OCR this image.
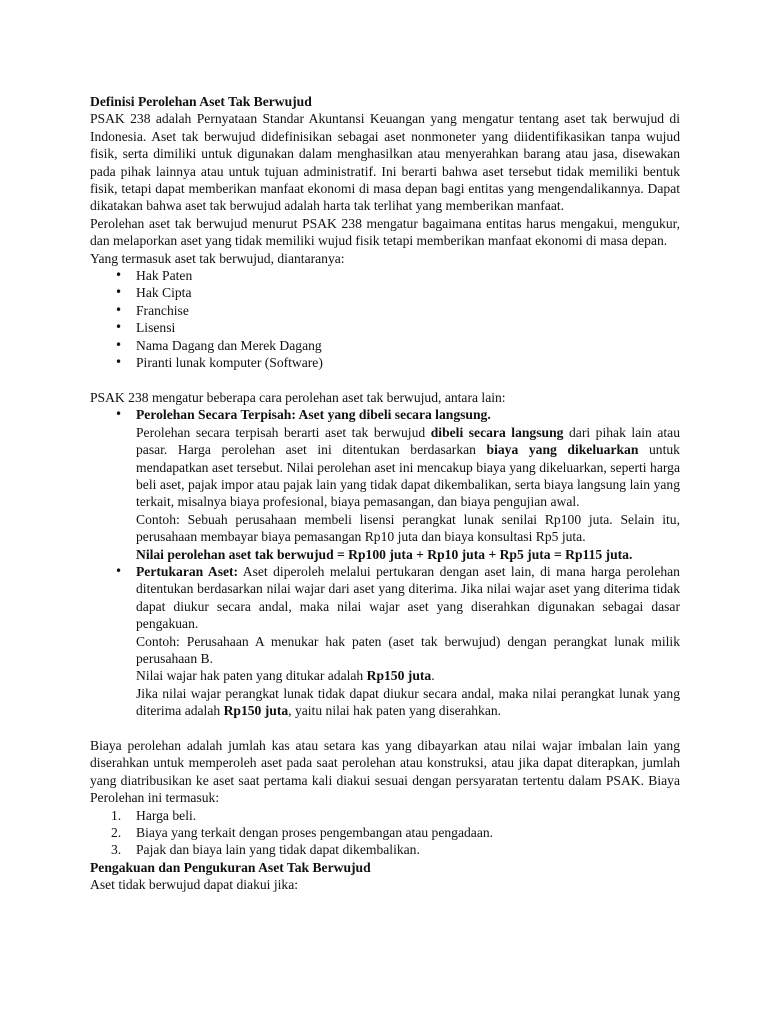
Definisi Perolehan Aset Tak Berwujud

PSAK 238 adalah Pernyataan Standar Akuntansi Keuangan yang mengatur tentang aset tak berwujud di Indonesia. Aset tak berwujud didefinisikan sebagai aset nonmoneter yang diidentifikasikan tanpa wujud fisik, serta dimiliki untuk digunakan dalam menghasilkan atau menyerahkan barang atau jasa, disewakan pada pihak lainnya atau untuk tujuan administratif. Ini berarti bahwa aset tersebut tidak memiliki bentuk fisik, tetapi dapat memberikan manfaat ekonomi di masa depan bagi entitas yang mengendalikannya. Dapat dikatakan bahwa aset tak berwujud adalah harta tak terlihat yang memberikan manfaat.

Perolehan aset tak berwujud menurut PSAK 238 mengatur bagaimana entitas harus mengakui, mengukur, dan melaporkan aset yang tidak memiliki wujud fisik tetapi memberikan manfaat ekonomi di masa depan.

Yang termasuk aset tak berwujud, diantaranya:

• Hak Paten
• Hak Cipta
• Franchise
• Lisensi
• Nama Dagang dan Merek Dagang
• Piranti lunak komputer (Software)

PSAK 238 mengatur beberapa cara perolehan aset tak berwujud, antara lain:

• Perolehan Secara Terpisah: Aset yang dibeli secara langsung.
Perolehan secara terpisah berarti aset tak berwujud dibeli secara langsung dari pihak lain atau pasar. Harga perolehan aset ini ditentukan berdasarkan biaya yang dikeluarkan untuk mendapatkan aset tersebut. Nilai perolehan aset ini mencakup biaya yang dikeluarkan, seperti harga beli aset, pajak impor atau pajak lain yang tidak dapat dikembalikan, serta biaya langsung lain yang terkait, misalnya biaya profesional, biaya pemasangan, dan biaya pengujian awal.
Contoh: Sebuah perusahaan membeli lisensi perangkat lunak senilai Rp100 juta. Selain itu, perusahaan membayar biaya pemasangan Rp10 juta dan biaya konsultasi Rp5 juta.
Nilai perolehan aset tak berwujud = Rp100 juta + Rp10 juta + Rp5 juta = Rp115 juta.
• Pertukaran Aset: Aset diperoleh melalui pertukaran dengan aset lain, di mana harga perolehan ditentukan berdasarkan nilai wajar dari aset yang diterima. Jika nilai wajar aset yang diterima tidak dapat diukur secara andal, maka nilai wajar aset yang diserahkan digunakan sebagai dasar pengakuan.
Contoh: Perusahaan A menukar hak paten (aset tak berwujud) dengan perangkat lunak milik perusahaan B.
Nilai wajar hak paten yang ditukar adalah Rp150 juta.
Jika nilai wajar perangkat lunak tidak dapat diukur secara andal, maka nilai perangkat lunak yang diterima adalah Rp150 juta, yaitu nilai hak paten yang diserahkan.

Biaya perolehan adalah jumlah kas atau setara kas yang dibayarkan atau nilai wajar imbalan lain yang diserahkan untuk memperoleh aset pada saat perolehan atau konstruksi, atau jika dapat diterapkan, jumlah yang diatribusikan ke aset saat pertama kali diakui sesuai dengan persyaratan tertentu dalam PSAK. Biaya Perolehan ini termasuk:

1. Harga beli.
2. Biaya yang terkait dengan proses pengembangan atau pengadaan.
3. Pajak dan biaya lain yang tidak dapat dikembalikan.

Pengakuan dan Pengukuran Aset Tak Berwujud

Aset tidak berwujud dapat diakui jika:
